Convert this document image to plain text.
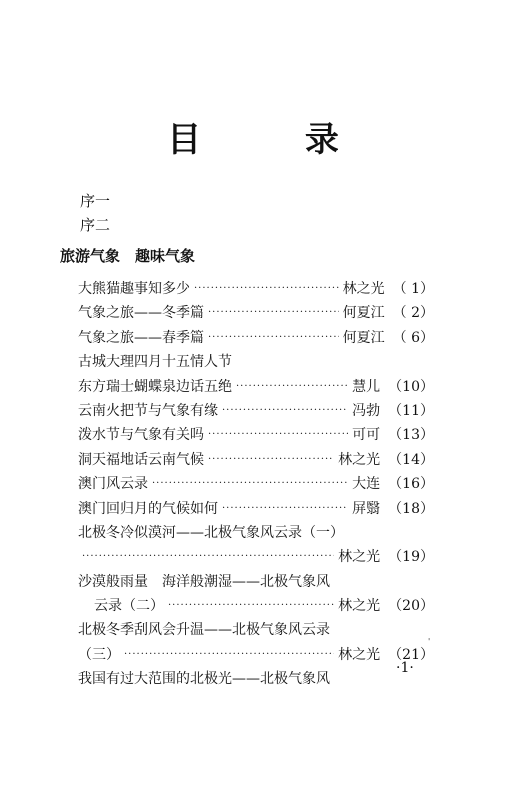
目 录
序一
序二
旅游气象　趣味气象
大熊猫趣事知多少 ·····	林之光 （ 1）
气象之旅——冬季篇 ·····	何夏江 （ 2）
气象之旅——春季篇 ·····	何夏江 （ 6）
古城大理四月十五情人节
东方瑞士蝴蝶泉边话五绝 ·····	慧儿 （10）
云南火把节与气象有缘 ·····	冯勃 （11）
泼水节与气象有关吗 ·····	可可 （13）
洞天福地话云南气候 ·····	林之光 （14）
澳门风云录 ·····	大连 （16）
澳门回归月的气候如何 ·····	屏翳 （18）
北极冬冷似漠河——北极气象风云录（一）
·····
林之光 （19）
沙漠般雨量　海洋般潮湿——北极气象风
云录（二） ·····	林之光 （20）
北极冬季刮风会升温——北极气象风云录
（三） ·····	林之光 （21）
我国有过大范围的北极光——北极气象风
'
·1·
